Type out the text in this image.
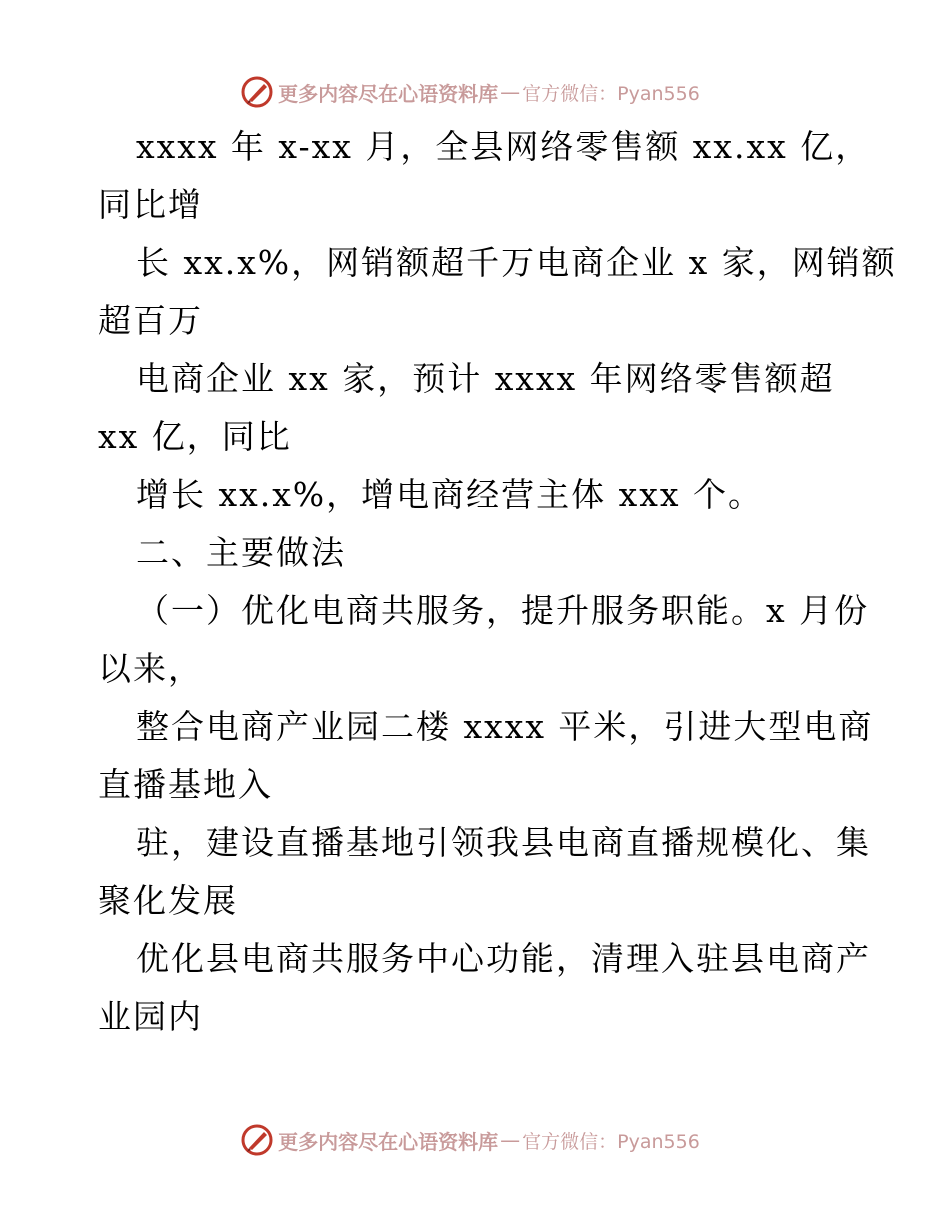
更多内容尽在心语资料库 — 官方微信：Pyan556
xxxx 年 x-xx 月，全县网络零售额 xx.xx 亿，
同比增
长 xx.x%，网销额超千万电商企业 x 家，网销额
超百万
电商企业 xx 家，预计 xxxx 年网络零售额超
xx 亿，同比
增长 xx.x%，增电商经营主体 xxx 个。
二、主要做法
（一）优化电商共服务，提升服务职能。x 月份
以来，
整合电商产业园二楼 xxxx 平米，引进大型电商
直播基地入
驻，建设直播基地引领我县电商直播规模化、集
聚化发展
优化县电商共服务中心功能，清理入驻县电商产
业园内
更多内容尽在心语资料库 — 官方微信：Pyan556
